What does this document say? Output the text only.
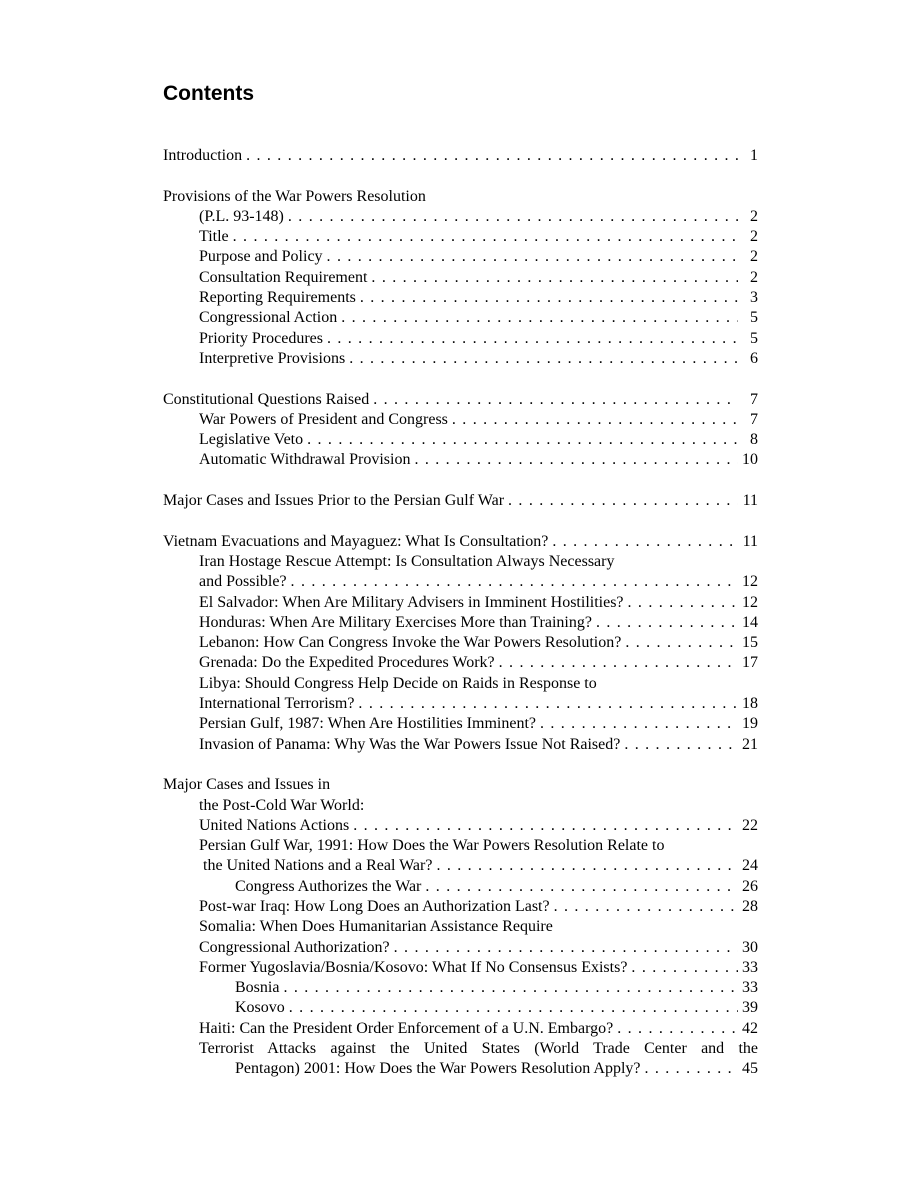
Contents
Introduction . . .	1
Provisions of the War Powers Resolution
(P.L. 93-148) . . .	2
Title . . .	2
Purpose and Policy . . .	2
Consultation Requirement . . .	2
Reporting Requirements . . .	3
Congressional Action . . .	5
Priority Procedures . . .	5
Interpretive Provisions . . .	6
Constitutional Questions Raised . . .	7
War Powers of President and Congress . . .	7
Legislative Veto . . .	8
Automatic Withdrawal Provision . . .	10
Major Cases and Issues Prior to the Persian Gulf War . . .	11
Vietnam Evacuations and Mayaguez: What Is Consultation? . . .	11
Iran Hostage Rescue Attempt: Is Consultation Always Necessary
and Possible? . . .	12
El Salvador: When Are Military Advisers in Imminent Hostilities? . . .	12
Honduras: When Are Military Exercises More than Training? . . .	14
Lebanon: How Can Congress Invoke the War Powers Resolution? . . .	15
Grenada: Do the Expedited Procedures Work? . . .	17
Libya: Should Congress Help Decide on Raids in Response to
International Terrorism? . . .	18
Persian Gulf, 1987: When Are Hostilities Imminent? . . .	19
Invasion of Panama: Why Was the War Powers Issue Not Raised? . . .	21
Major Cases and Issues in
the Post-Cold War World:
United Nations Actions . . .	22
Persian Gulf War, 1991: How Does the War Powers Resolution Relate to
the United Nations and a Real War? . . .	24
Congress Authorizes the War . . .	26
Post-war Iraq: How Long Does an Authorization Last? . . .	28
Somalia: When Does Humanitarian Assistance Require
Congressional Authorization? . . .	30
Former Yugoslavia/Bosnia/Kosovo: What If No Consensus Exists? . . .	33
Bosnia . . .	33
Kosovo . . .	39
Haiti: Can the President Order Enforcement of a U.N. Embargo? . . .	42
Terrorist Attacks against the United States (World Trade Center and the
Pentagon) 2001: How Does the War Powers Resolution Apply? . . .	45
